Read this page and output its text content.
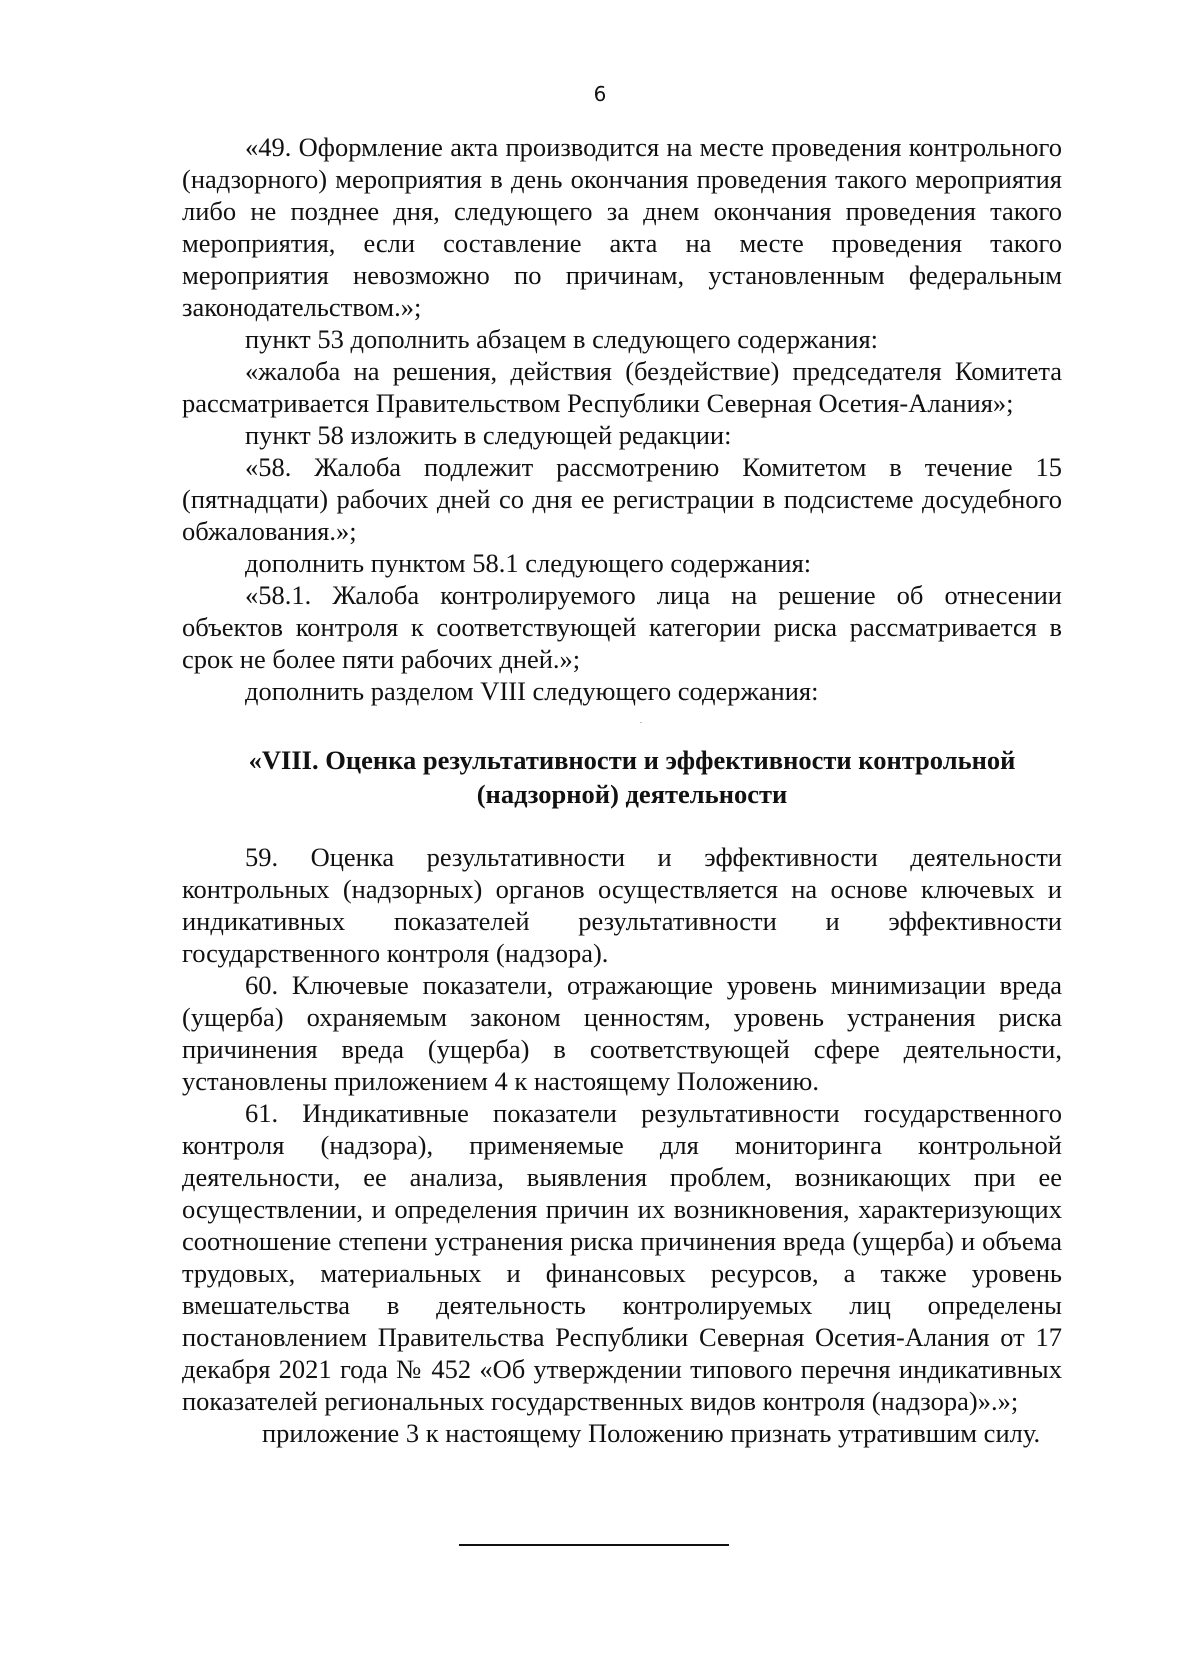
6

«49. Оформление акта производится на месте проведения контрольного (надзорного) мероприятия в день окончания проведения такого мероприятия либо не позднее дня, следующего за днем окончания проведения такого мероприятия, если составление акта на месте проведения такого мероприятия невозможно по причинам, установленным федеральным законодательством.»;

пункт 53 дополнить абзацем в следующего содержания:

«жалоба на решения, действия (бездействие) председателя Комитета рассматривается Правительством Республики Северная Осетия-Алания»;

пункт 58 изложить в следующей редакции:

«58. Жалоба подлежит рассмотрению Комитетом в течение 15 (пятнадцати) рабочих дней со дня ее регистрации в подсистеме досудебного обжалования.»;

дополнить пунктом 58.1 следующего содержания:

«58.1. Жалоба контролируемого лица на решение об отнесении объектов контроля к соответствующей категории риска рассматривается в срок не более пяти рабочих дней.»;

дополнить разделом VIII следующего содержания:

«VIII. Оценка результативности и эффективности контрольной
(надзорной) деятельности

59. Оценка результативности и эффективности деятельности контрольных (надзорных) органов осуществляется на основе ключевых и индикативных показателей результативности и эффективности государственного контроля (надзора).

60. Ключевые показатели, отражающие уровень минимизации вреда (ущерба) охраняемым законом ценностям, уровень устранения риска причинения вреда (ущерба) в соответствующей сфере деятельности, установлены приложением 4 к настоящему Положению.

61. Индикативные показатели результативности государственного контроля (надзора), применяемые для мониторинга контрольной деятельности, ее анализа, выявления проблем, возникающих при ее осуществлении, и определения причин их возникновения, характеризующих соотношение степени устранения риска причинения вреда (ущерба) и объема трудовых, материальных и финансовых ресурсов, а также уровень вмешательства в деятельность контролируемых лиц определены постановлением Правительства Республики Северная Осетия-Алания от 17 декабря 2021 года № 452 «Об утверждении типового перечня индикативных показателей региональных государственных видов контроля (надзора)».»;

приложение 3 к настоящему Положению признать утратившим силу.
